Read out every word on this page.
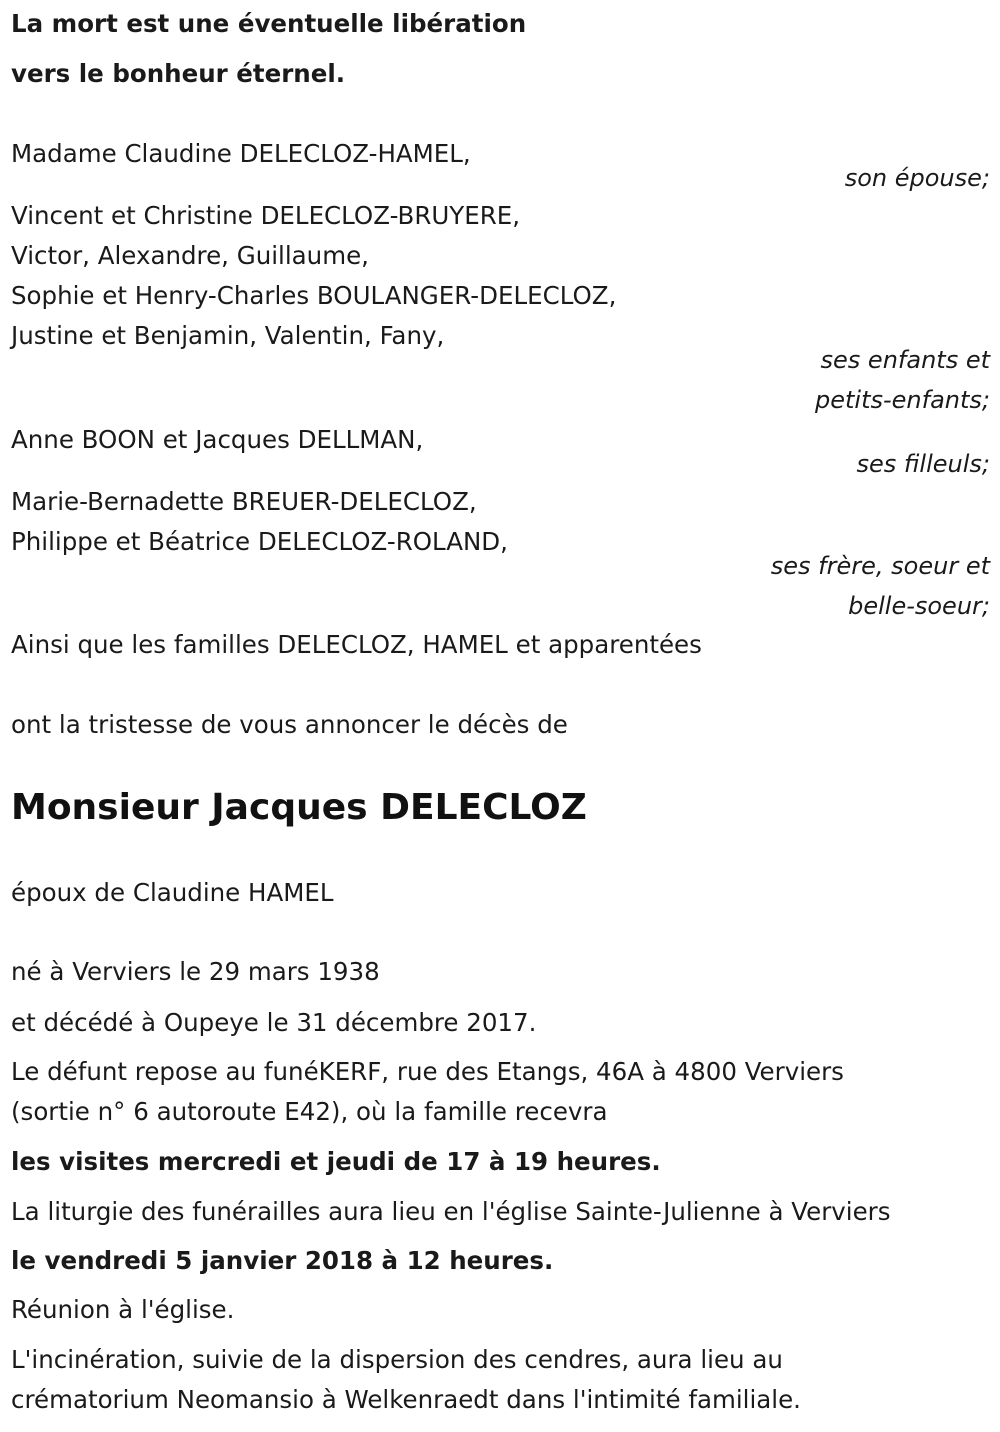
La mort est une éventuelle libération
vers le bonheur éternel.
Madame Claudine DELECLOZ-HAMEL,
son épouse;
Vincent et Christine DELECLOZ-BRUYERE,
Victor, Alexandre, Guillaume,
Sophie et Henry-Charles BOULANGER-DELECLOZ,
Justine et Benjamin, Valentin, Fany,
ses enfants et
petits-enfants;
Anne BOON et Jacques DELLMAN,
ses filleuls;
Marie-Bernadette BREUER-DELECLOZ,
Philippe et Béatrice DELECLOZ-ROLAND,
ses frère, soeur et
belle-soeur;
Ainsi que les familles DELECLOZ, HAMEL et apparentées
ont la tristesse de vous annoncer le décès de
Monsieur Jacques DELECLOZ
époux de Claudine HAMEL
né à Verviers le 29 mars 1938
et décédé à Oupeye le 31 décembre 2017.
Le défunt repose au funéKERF, rue des Etangs, 46A à 4800 Verviers
(sortie n° 6 autoroute E42), où la famille recevra
les visites mercredi et jeudi de 17 à 19 heures.
La liturgie des funérailles aura lieu en l'église Sainte-Julienne à Verviers
le vendredi 5 janvier 2018 à 12 heures.
Réunion à l'église.
L'incinération, suivie de la dispersion des cendres, aura lieu au
crématorium Neomansio à Welkenraedt dans l'intimité familiale.
